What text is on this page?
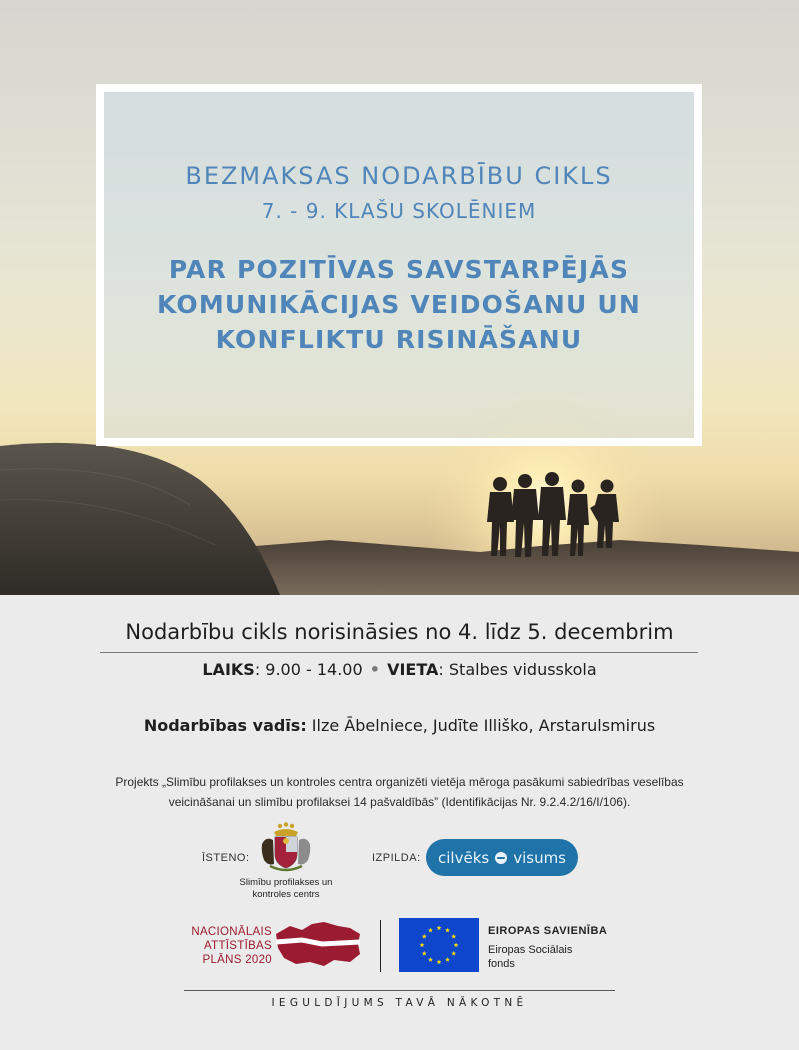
BEZMAKSAS NODARBĪBU CIKLS
7. - 9. KLAŠU SKOLĒNIEM
PAR POZITĪVAS SAVSTARPĒJĀS
KOMUNIKĀCIJAS VEIDOŠANU UN
KONFLIKTU RISINĀŠANU
Nodarbību cikls norisināsies no 4. līdz 5. decembrim
LAIKS: 9.00 - 14.00 • VIETA: Stalbes vidusskola
Nodarbības vadīs: Ilze Ābelniece, Judīte Illiško, Arstarulsmirus
Projekts „Slimību profilakses un kontroles centra organizēti vietēja mēroga pasākumi sabiedrības veselības
veicināšanai un slimību profilaksei 14 pašvaldībās” (Identifikācijas Nr. 9.2.4.2/16/I/106).
ĪSTENO:
Slimību profilakses un
kontroles centrs
IZPILDA: cilvēks visums
NACIONĀLAIS
ATTĪSTĪBAS
PLĀNS 2020
EIROPAS SAVIENĪBA
Eiropas Sociālais
fonds
IEGULDĪJUMS TAVĀ NĀKOTNĒ
